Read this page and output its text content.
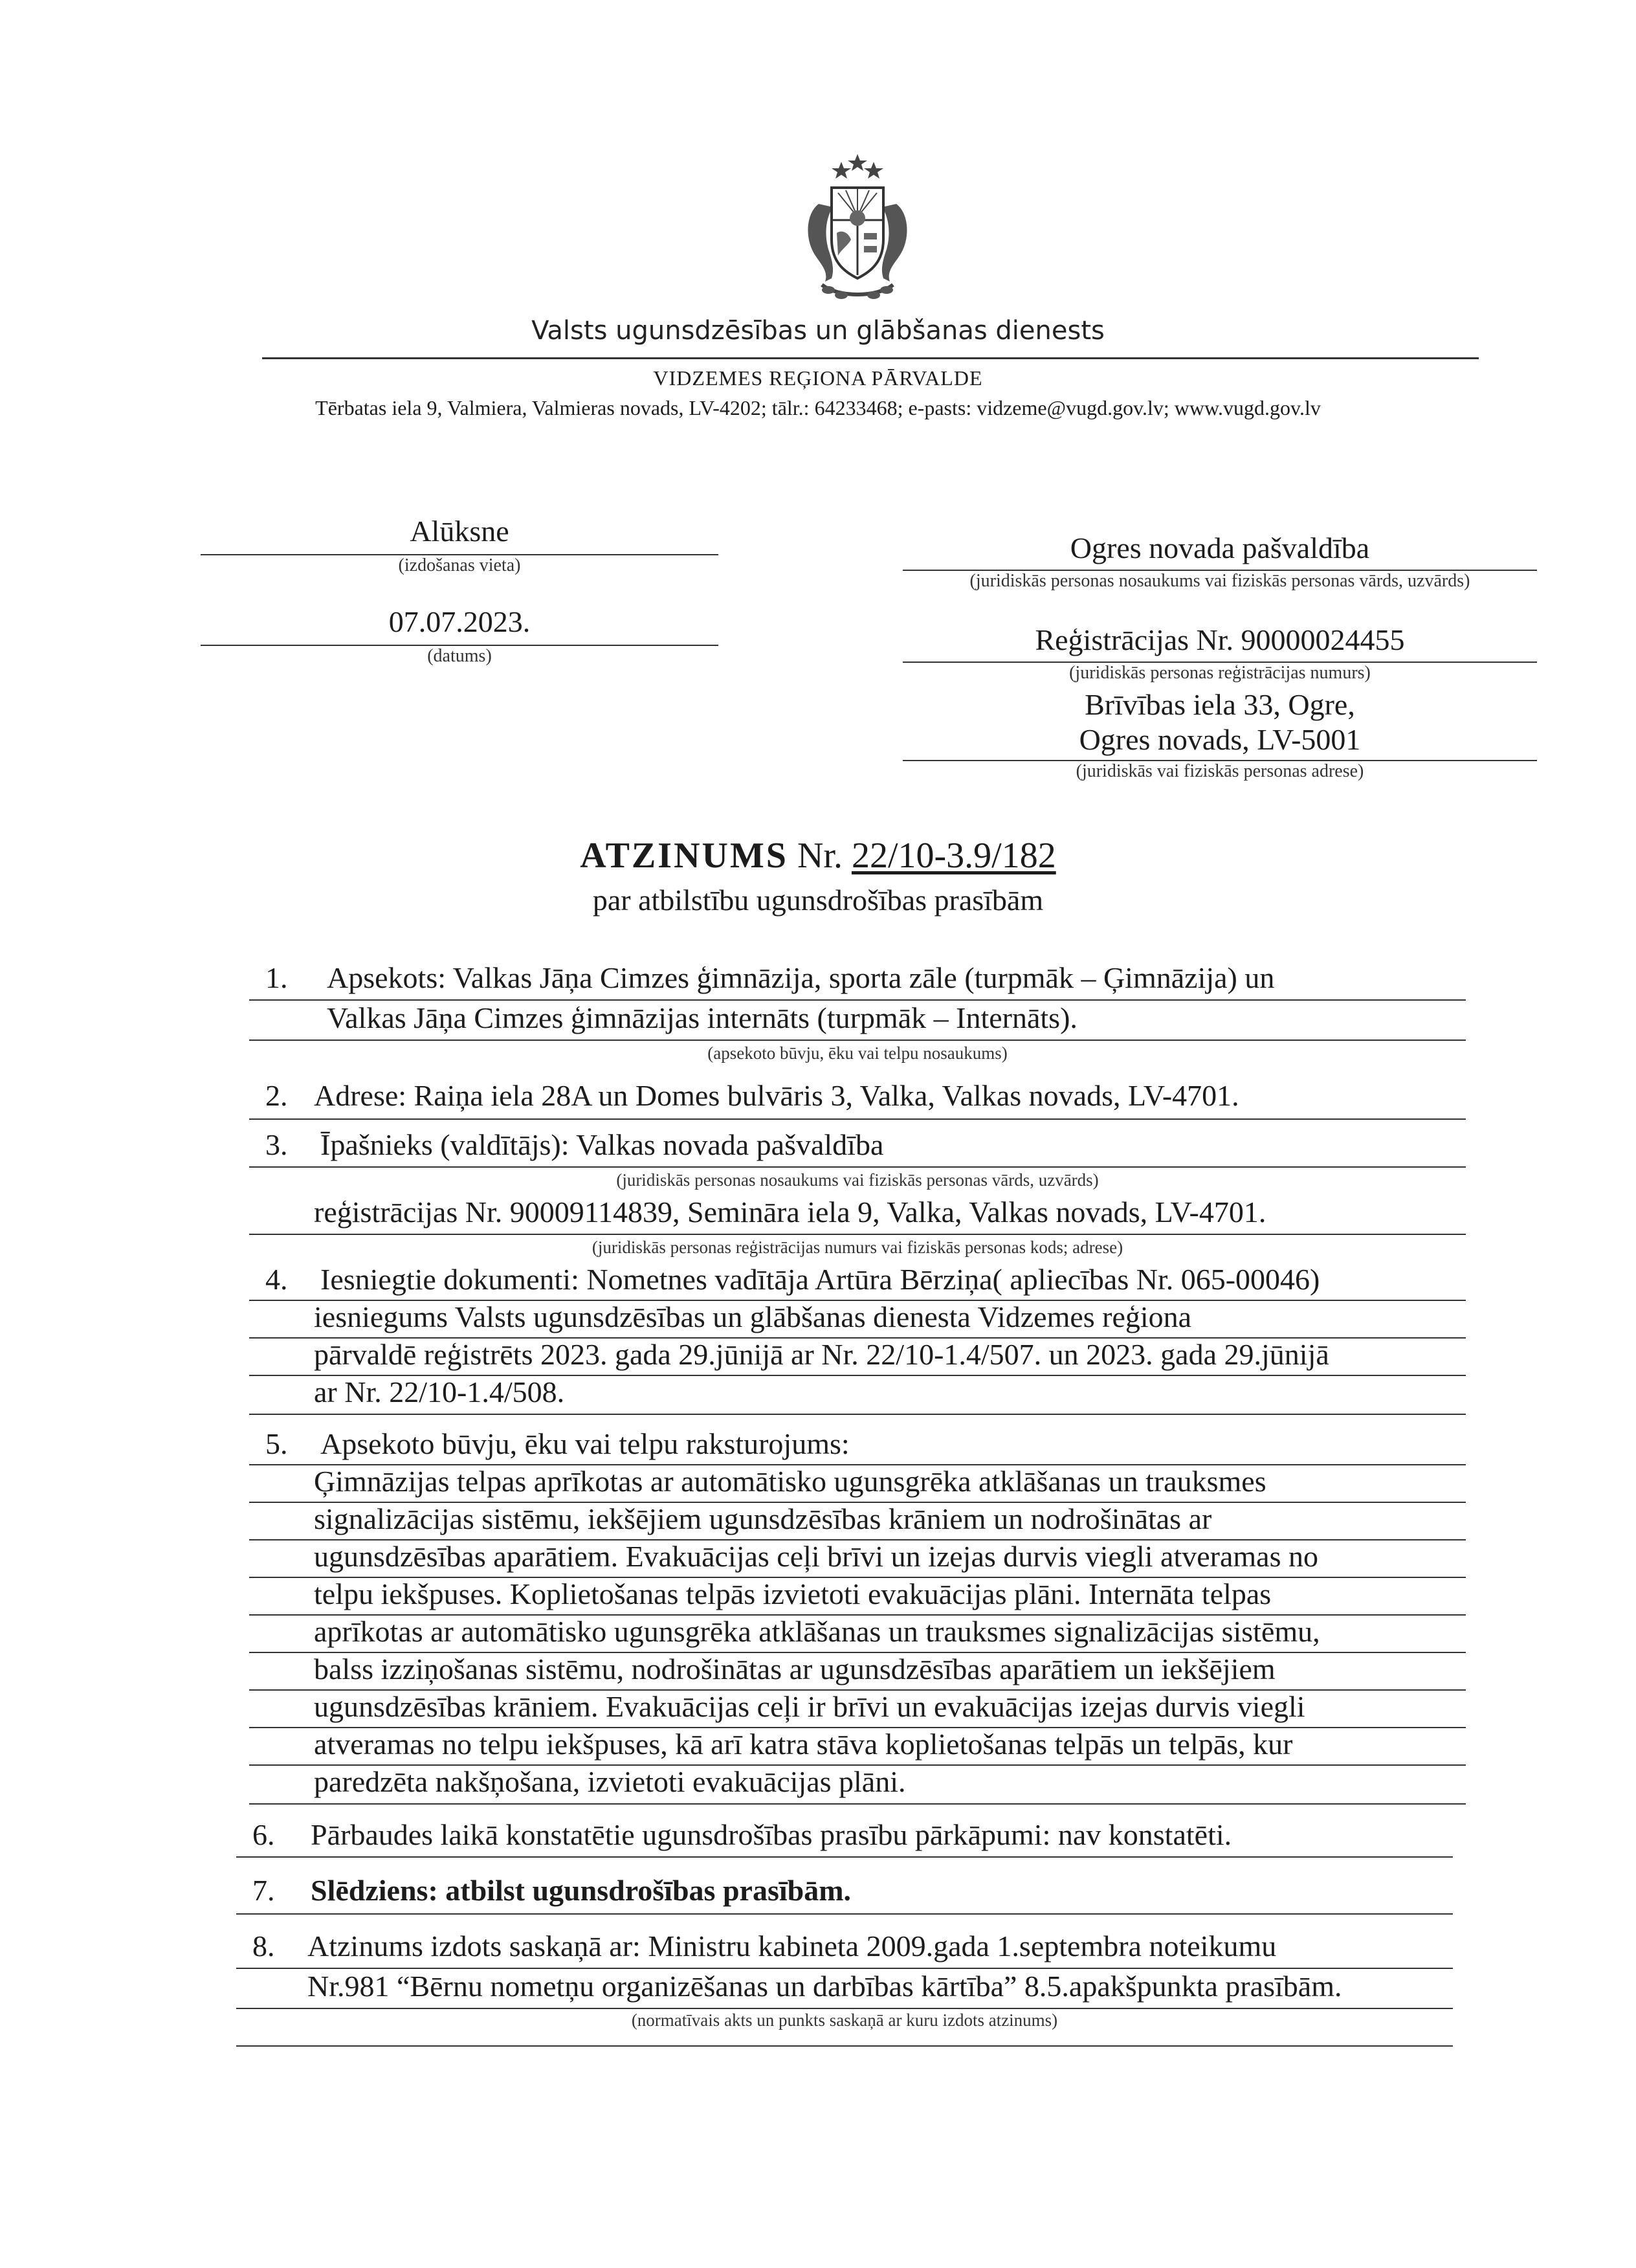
Valsts ugunsdzēsības un glābšanas dienests
VIDZEMES REĢIONA PĀRVALDE
Tērbatas iela 9, Valmiera, Valmieras novads, LV-4202; tālr.: 64233468; e-pasts: vidzeme@vugd.gov.lv; www.vugd.gov.lv
Alūksne
(izdošanas vieta)
07.07.2023.
(datums)
Ogres novada pašvaldība
(juridiskās personas nosaukums vai fiziskās personas vārds, uzvārds)
Reģistrācijas Nr. 90000024455
(juridiskās personas reģistrācijas numurs)
Brīvības iela 33, Ogre,
Ogres novads, LV-5001
(juridiskās vai fiziskās personas adrese)
ATZINUMS Nr. 22/10-3.9/182
par atbilstību ugunsdrošības prasībām
1. Apsekots: Valkas Jāņa Cimzes ģimnāzija, sporta zāle (turpmāk – Ģimnāzija) un
Valkas Jāņa Cimzes ģimnāzijas internāts (turpmāk – Internāts).
(apsekoto būvju, ēku vai telpu nosaukums)
2. Adrese: Raiņa iela 28A un Domes bulvāris 3, Valka, Valkas novads, LV-4701.
3. Īpašnieks (valdītājs): Valkas novada pašvaldība
(juridiskās personas nosaukums vai fiziskās personas vārds, uzvārds)
reģistrācijas Nr. 90009114839, Semināra iela 9, Valka, Valkas novads, LV-4701.
(juridiskās personas reģistrācijas numurs vai fiziskās personas kods; adrese)
4. Iesniegtie dokumenti: Nometnes vadītāja Artūra Bērziņa( apliecības Nr. 065-00046)
iesniegums Valsts ugunsdzēsības un glābšanas dienesta Vidzemes reģiona
pārvaldē reģistrēts 2023. gada 29.jūnijā ar Nr. 22/10-1.4/507. un 2023. gada 29.jūnijā
ar Nr. 22/10-1.4/508.
5. Apsekoto būvju, ēku vai telpu raksturojums:
Ģimnāzijas telpas aprīkotas ar automātisko ugunsgrēka atklāšanas un trauksmes
signalizācijas sistēmu, iekšējiem ugunsdzēsības krāniem un nodrošinātas ar
ugunsdzēsības aparātiem. Evakuācijas ceļi brīvi un izejas durvis viegli atveramas no
telpu iekšpuses. Koplietošanas telpās izvietoti evakuācijas plāni. Internāta telpas
aprīkotas ar automātisko ugunsgrēka atklāšanas un trauksmes signalizācijas sistēmu,
balss izziņošanas sistēmu, nodrošinātas ar ugunsdzēsības aparātiem un iekšējiem
ugunsdzēsības krāniem. Evakuācijas ceļi ir brīvi un evakuācijas izejas durvis viegli
atveramas no telpu iekšpuses, kā arī katra stāva koplietošanas telpās un telpās, kur
paredzēta nakšņošana, izvietoti evakuācijas plāni.
6. Pārbaudes laikā konstatētie ugunsdrošības prasību pārkāpumi: nav konstatēti.
7. Slēdziens: atbilst ugunsdrošības prasībām.
8. Atzinums izdots saskaņā ar: Ministru kabineta 2009.gada 1.septembra noteikumu
Nr.981 “Bērnu nometņu organizēšanas un darbības kārtība” 8.5.apakšpunkta prasībām.
(normatīvais akts un punkts saskaņā ar kuru izdots atzinums)
